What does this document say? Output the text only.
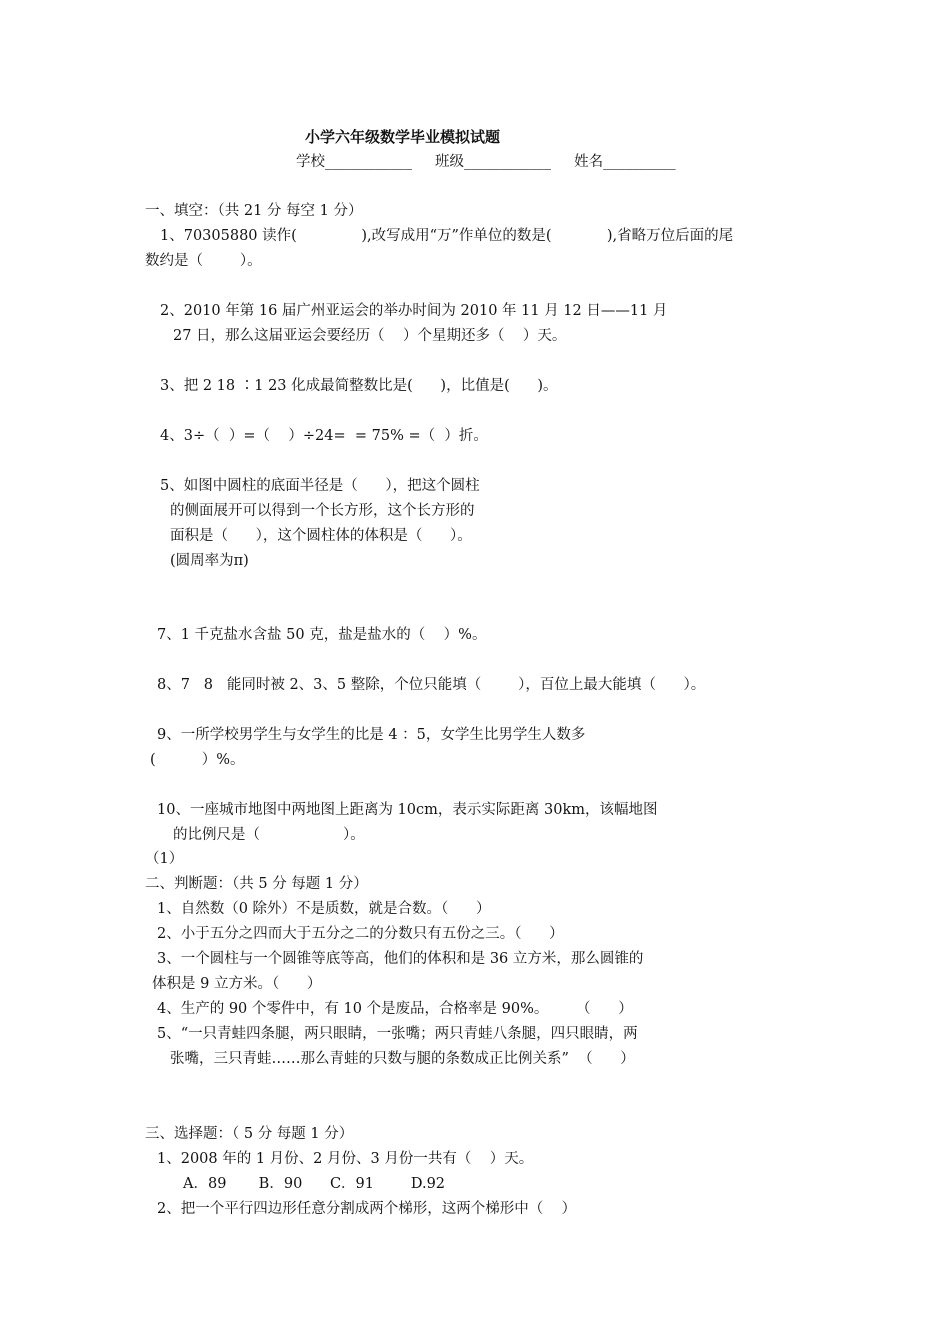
小学六年级数学毕业模拟试题
学校____________     班级____________     姓名__________
一、填空：（共 21 分 每空 1 分）
1、70305880 读作(              ),改写成用“万”作单位的数是(            ),省略万位后面的尾
数约是（        ）。
2、2010 年第 16 届广州亚运会的举办时间为 2010 年 11 月 12 日——11 月
27 日，那么这届亚运会要经历（    ）个星期还多（    ）天。
3、把 2 18 ∶1 23 化成最简整数比是(      )，比值是(      )。
4、3÷（  ）=（    ）÷24=  = 75% =（  ）折。
5、如图中圆柱的底面半径是（      ），把这个圆柱
的侧面展开可以得到一个长方形，这个长方形的
面积是（      ），这个圆柱体的体积是（      ）。
(圆周率为π)
7、1 千克盐水含盐 50 克，盐是盐水的（    ）%。
8、7   8   能同时被 2、3、5 整除，个位只能填（        ），百位上最大能填（      ）。
9、一所学校男学生与女学生的比是 4 ：5，女学生比男学生人数多
(          ）%。
10、一座城市地图中两地图上距离为 10cm，表示实际距离 30km，该幅地图
的比例尺是（                  ）。
（1）
二、判断题：（共 5 分 每题 1 分）
1、自然数（0 除外）不是质数，就是合数。（      ）
2、小于五分之四而大于五分之二的分数只有五份之三。（      ）
3、一个圆柱与一个圆锥等底等高，他们的体积和是 36 立方米，那么圆锥的
体积是 9 立方米。（      ）
4、生产的 90 个零件中，有 10 个是废品，合格率是 90%。      （      ）
5、“一只青蛙四条腿，两只眼睛，一张嘴；两只青蛙八条腿，四只眼睛，两
张嘴，三只青蛙……那么青蛙的只数与腿的条数成正比例关系”  （      ）
三、选择题：（ 5 分 每题 1 分）
1、2008 年的 1 月份、2 月份、3 月份一共有（    ）天。
A．89       B．90      C．91        D.92
2、把一个平行四边形任意分割成两个梯形，这两个梯形中（    ）
